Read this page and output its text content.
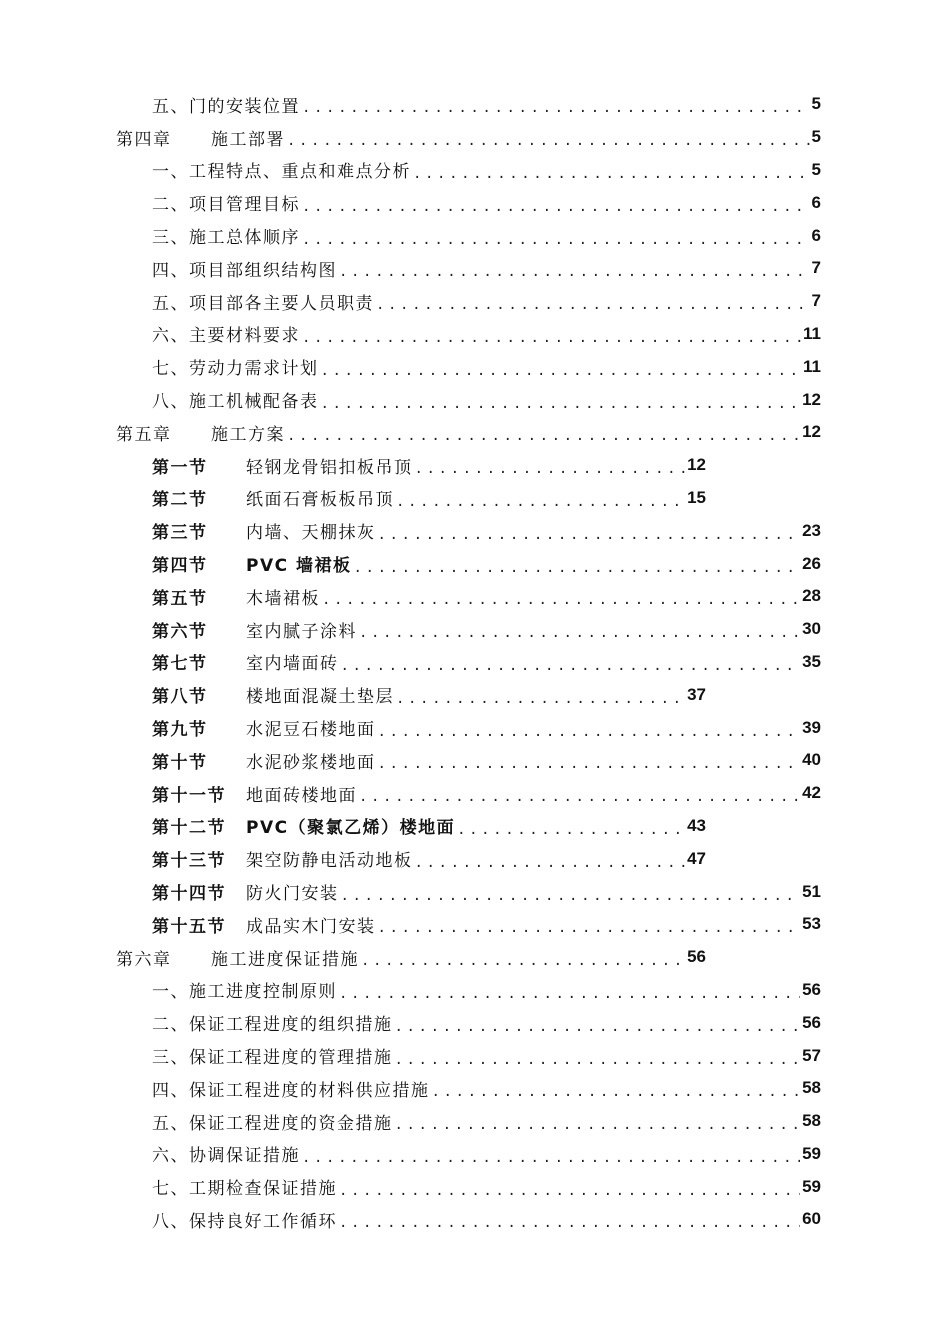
五、门的安装位置 .....	5
第四章 施工部署 .....	5
一、工程特点、重点和难点分析 .....	5
二、项目管理目标 .....	6
三、施工总体顺序 .....	6
四、项目部组织结构图 .....	7
五、项目部各主要人员职责 .....	7
六、主要材料要求 .....	11
七、劳动力需求计划 .....	11
八、施工机械配备表 .....	12
第五章 施工方案 .....	12
第一节 轻钢龙骨铝扣板吊顶 .....	12
第二节 纸面石膏板板吊顶 .....	15
第三节 内墙、天棚抹灰 .....	23
第四节 PVC 墙裙板 .....	26
第五节 木墙裙板 .....	28
第六节 室内腻子涂料 .....	30
第七节 室内墙面砖 .....	35
第八节 楼地面混凝土垫层 .....	37
第九节 水泥豆石楼地面 .....	39
第十节 水泥砂浆楼地面 .....	40
第十一节 地面砖楼地面 .....	42
第十二节 PVC（聚氯乙烯）楼地面 .....	43
第十三节 架空防静电活动地板 .....	47
第十四节 防火门安装 .....	51
第十五节 成品实木门安装 .....	53
第六章 施工进度保证措施 .....	56
一、施工进度控制原则 .....	56
二、保证工程进度的组织措施 .....	56
三、保证工程进度的管理措施 .....	57
四、保证工程进度的材料供应措施 .....	58
五、保证工程进度的资金措施 .....	58
六、协调保证措施 .....	59
七、工期检查保证措施 .....	59
八、保持良好工作循环 .....	60
